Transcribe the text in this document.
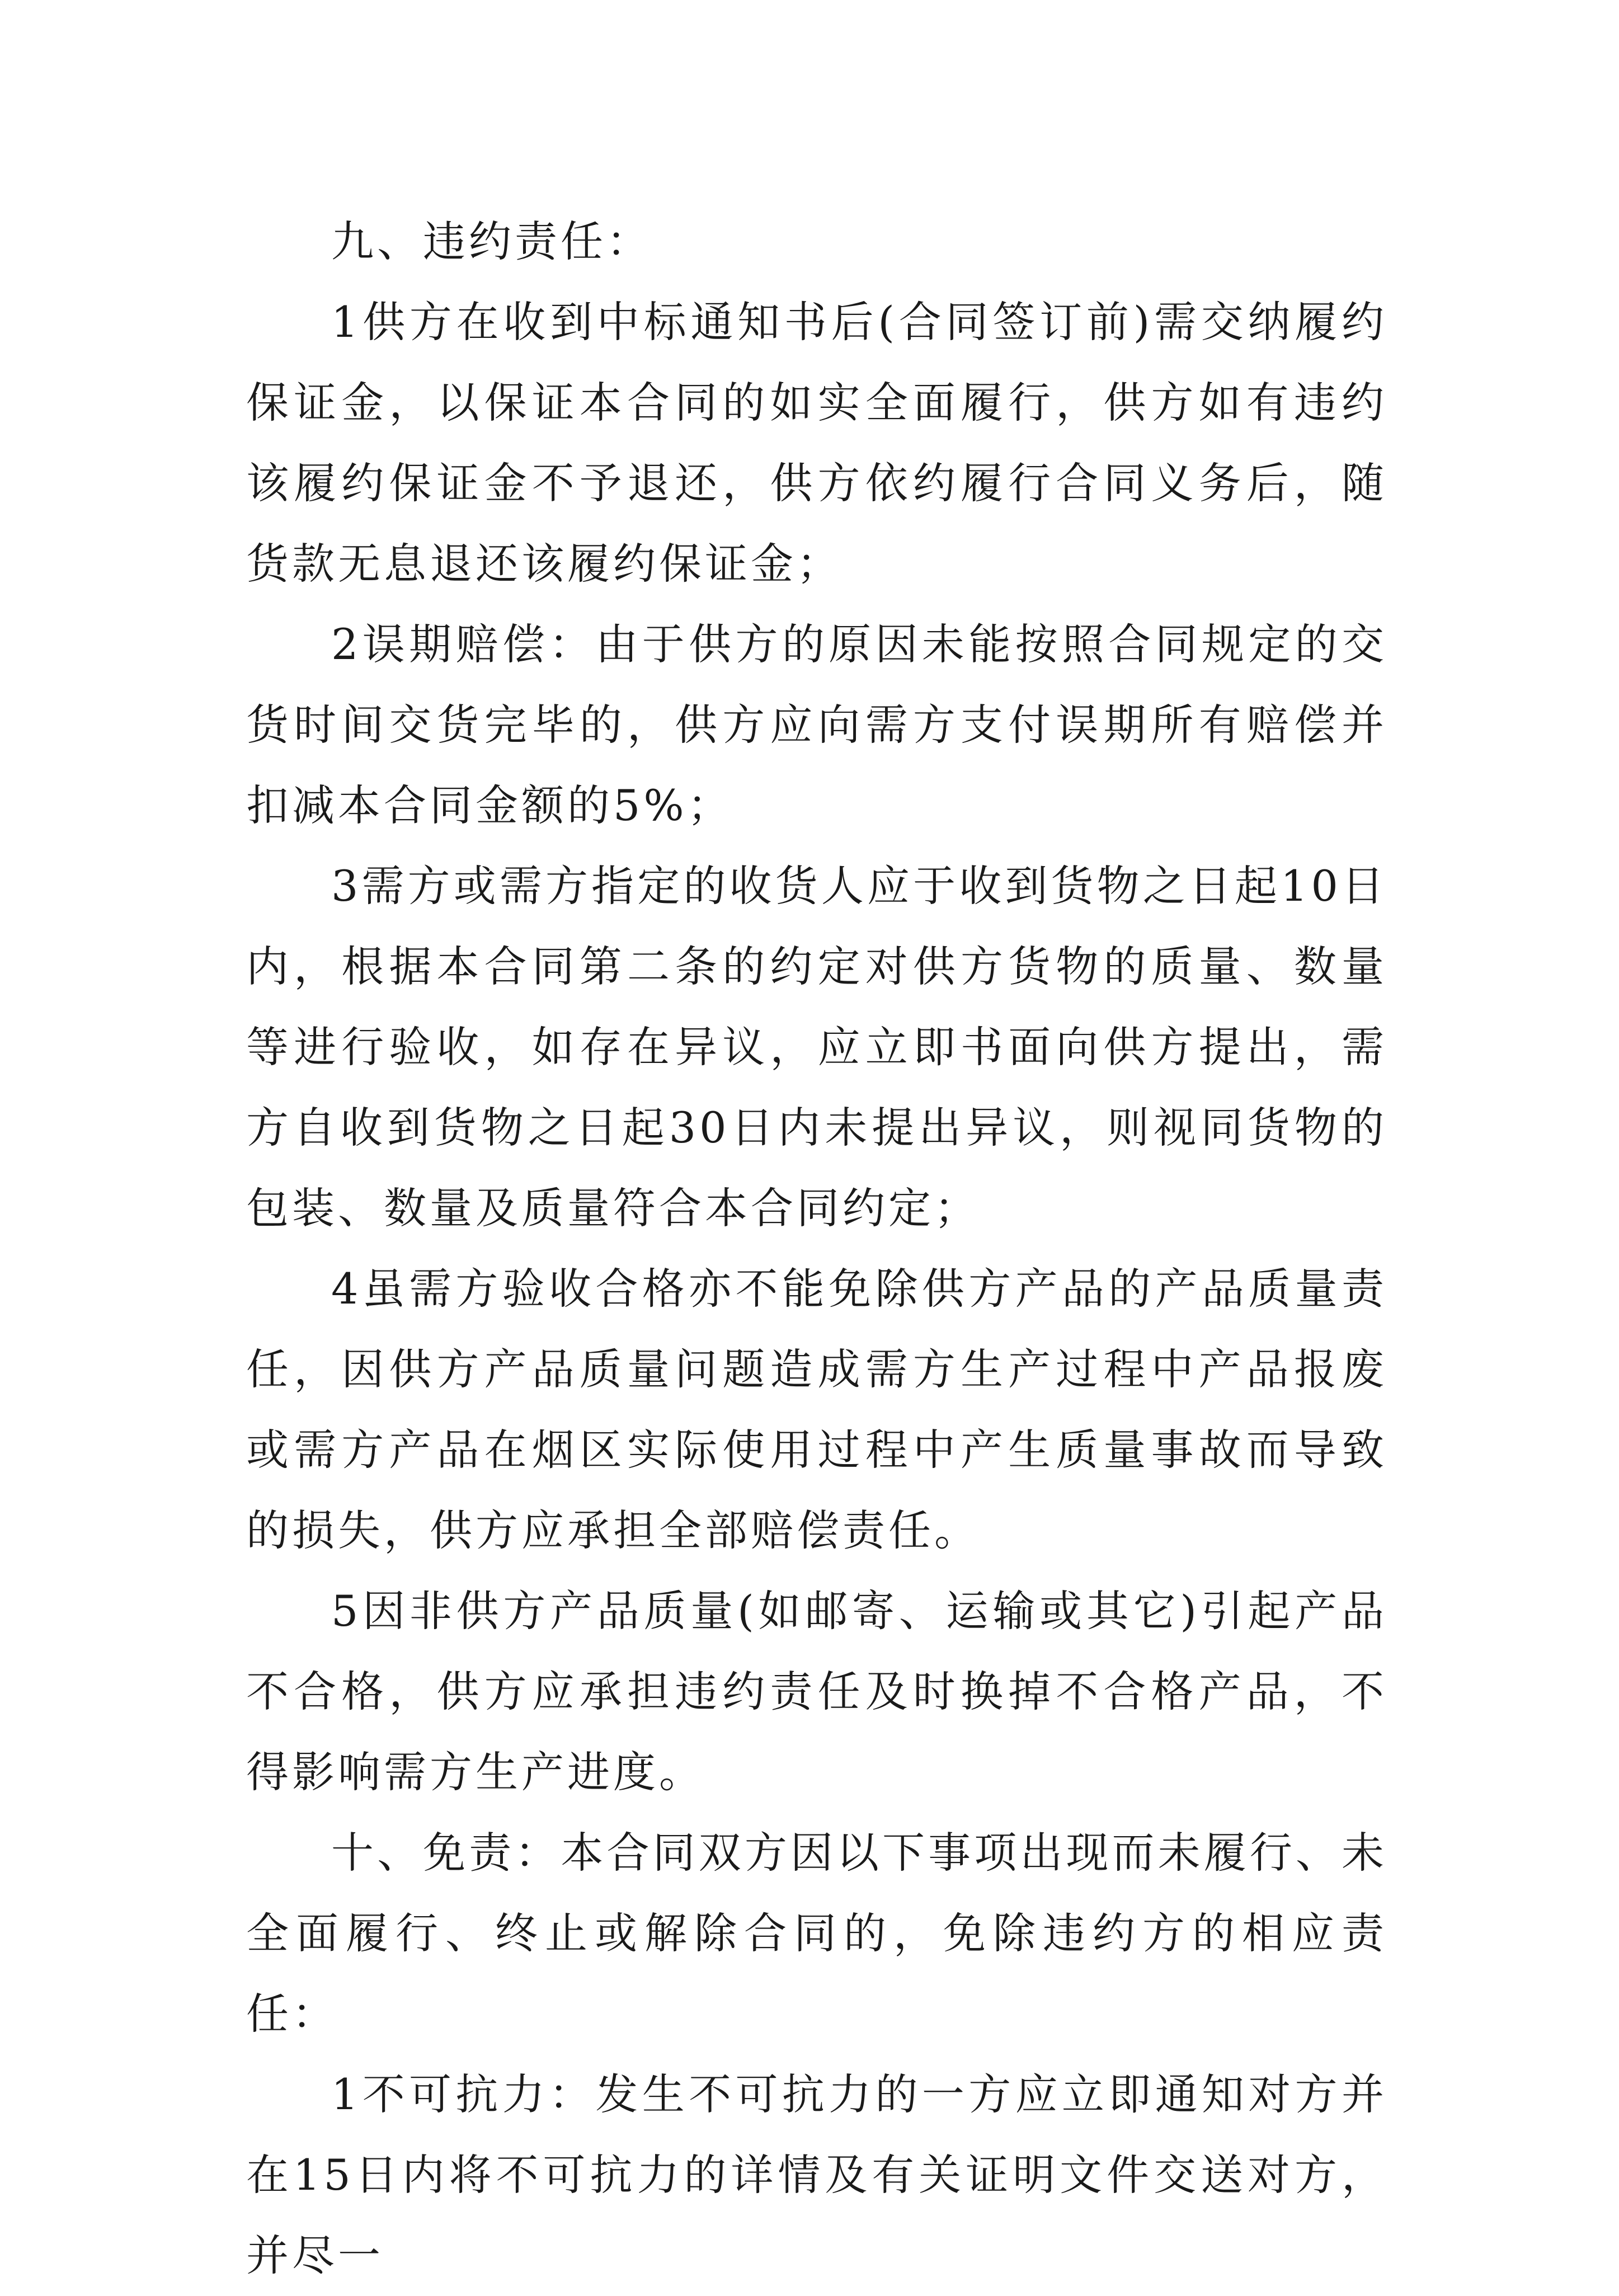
九、违约责任：

1供方在收到中标通知书后(合同签订前)需交纳履约保证金，以保证本合同的如实全面履行，供方如有违约该履约保证金不予退还，供方依约履行合同义务后，随货款无息退还该履约保证金；

2误期赔偿：由于供方的原因未能按照合同规定的交货时间交货完毕的，供方应向需方支付误期所有赔偿并扣减本合同金额的5%；

3需方或需方指定的收货人应于收到货物之日起10日内，根据本合同第二条的约定对供方货物的质量、数量等进行验收，如存在异议，应立即书面向供方提出，需方自收到货物之日起30日内未提出异议，则视同货物的包装、数量及质量符合本合同约定；

4虽需方验收合格亦不能免除供方产品的产品质量责任，因供方产品质量问题造成需方生产过程中产品报废或需方产品在烟区实际使用过程中产生质量事故而导致的损失，供方应承担全部赔偿责任。

5因非供方产品质量(如邮寄、运输或其它)引起产品不合格，供方应承担违约责任及时换掉不合格产品，不得影响需方生产进度。

十、免责：本合同双方因以下事项出现而未履行、未全面履行、终止或解除合同的，免除违约方的相应责任：

1不可抗力：发生不可抗力的一方应立即通知对方并在15日内将不可抗力的详情及有关证明文件交送对方，并尽一
